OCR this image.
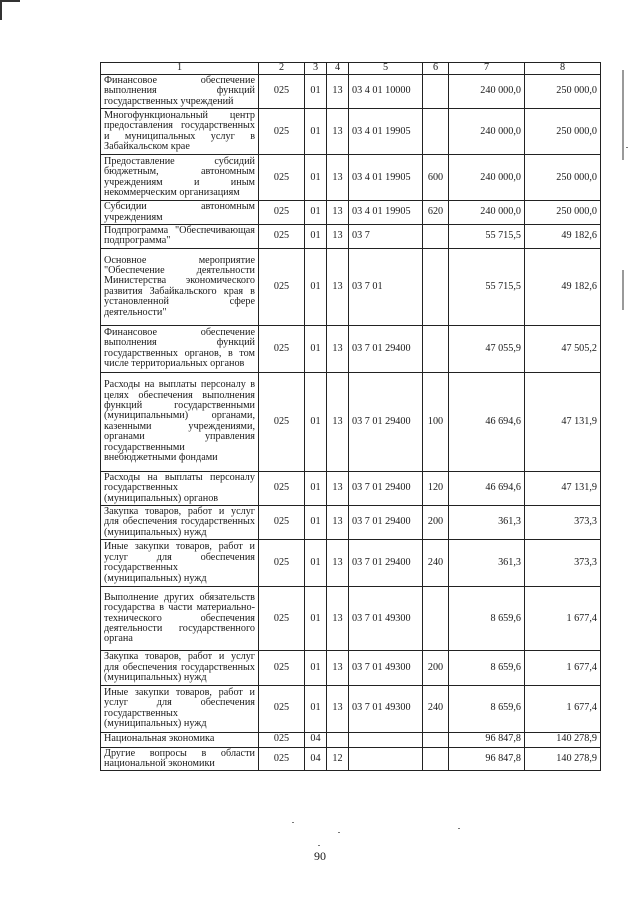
1	2	3	4	5	6	7	8
Финансовое обеспечение выполнения функций государственных учреждений	025	01	13	03 4 01 10000		240 000,0	250 000,0
Многофункциональный центр предоставления государственных и муниципальных услуг в Забайкальском крае	025	01	13	03 4 01 19905		240 000,0	250 000,0
Предоставление субсидий бюджетным, автономным учреждениям и иным некоммерческим организациям	025	01	13	03 4 01 19905	600	240 000,0	250 000,0
Субсидии автономным учреждениям	025	01	13	03 4 01 19905	620	240 000,0	250 000,0
Подпрограмма "Обеспечивающая подпрограмма"	025	01	13	03 7		55 715,5	49 182,6
Основное мероприятие "Обеспечение деятельности Министерства экономического развития Забайкальского края в установленной сфере деятельности"	025	01	13	03 7 01		55 715,5	49 182,6
Финансовое обеспечение выполнения функций государственных органов, в том числе территориальных органов	025	01	13	03 7 01 29400		47 055,9	47 505,2
Расходы на выплаты персоналу в целях обеспечения выполнения функций государственными (муниципальными) органами, казенными учреждениями, органами управления государственными внебюджетными фондами	025	01	13	03 7 01 29400	100	46 694,6	47 131,9
Расходы на выплаты персоналу государственных (муниципальных) органов	025	01	13	03 7 01 29400	120	46 694,6	47 131,9
Закупка товаров, работ и услуг для обеспечения государственных (муниципальных) нужд	025	01	13	03 7 01 29400	200	361,3	373,3
Иные закупки товаров, работ и услуг для обеспечения государственных (муниципальных) нужд	025	01	13	03 7 01 29400	240	361,3	373,3
Выполнение других обязательств государства в части материально-технического обеспечения деятельности государственного органа	025	01	13	03 7 01 49300		8 659,6	1 677,4
Закупка товаров, работ и услуг для обеспечения государственных (муниципальных) нужд	025	01	13	03 7 01 49300	200	8 659,6	1 677,4
Иные закупки товаров, работ и услуг для обеспечения государственных (муниципальных) нужд	025	01	13	03 7 01 49300	240	8 659,6	1 677,4
Национальная экономика	025	04				96 847,8	140 278,9
Другие вопросы в области национальной экономики	025	04	12			96 847,8	140 278,9
90
